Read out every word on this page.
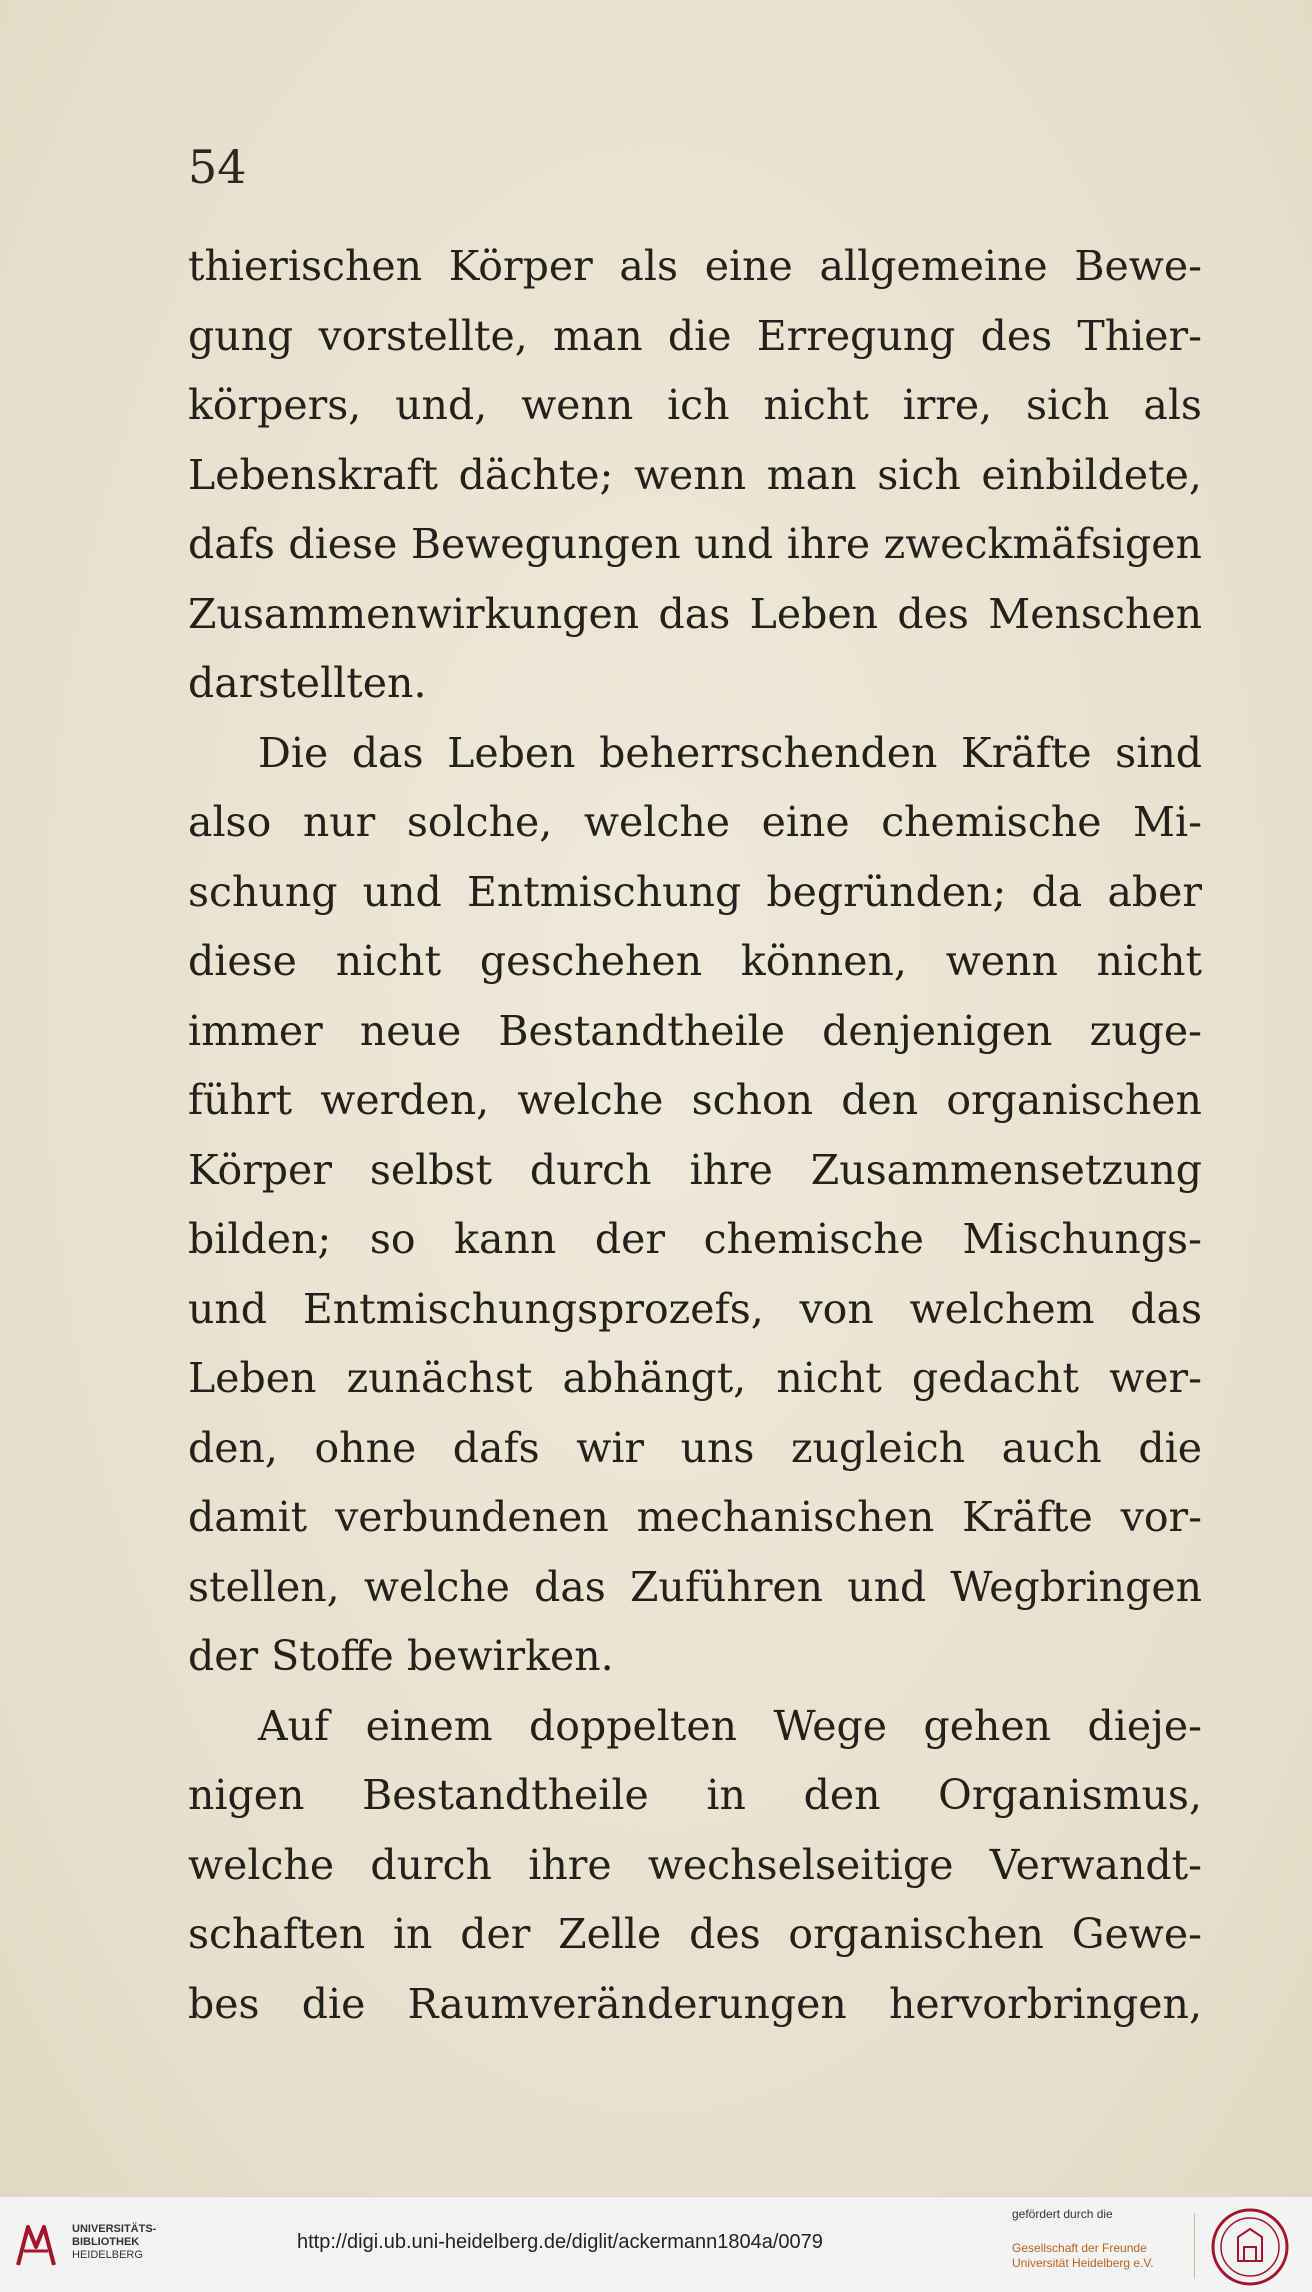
54
thierischen Körper als eine allgemeine Bewe-
gung vorstellte, man die Erregung des Thier-
körpers, und, wenn ich nicht irre, sich als
Lebenskraft dächte; wenn man sich einbildete,
dafs diese Bewegungen und ihre zweckmäfsigen
Zusammenwirkungen das Leben des Menschen
darstellten.
Die das Leben beherrschenden Kräfte sind
also nur solche, welche eine chemische Mi-
schung und Entmischung begründen; da aber
diese nicht geschehen können, wenn nicht
immer neue Bestandtheile denjenigen zuge-
führt werden, welche schon den organischen
Körper selbst durch ihre Zusammensetzung
bilden; so kann der chemische Mischungs-
und Entmischungsprozefs, von welchem das
Leben zunächst abhängt, nicht gedacht wer-
den, ohne dafs wir uns zugleich auch die
damit verbundenen mechanischen Kräfte vor-
stellen, welche das Zuführen und Wegbringen
der Stoffe bewirken.
Auf einem doppelten Wege gehen dieje-
nigen Bestandtheile in den Organismus,
welche durch ihre wechselseitige Verwandt-
schaften in der Zelle des organischen Gewe-
bes die Raumveränderungen hervorbringen,
UNIVERSITÄTS-
BIBLIOTHEK
HEIDELBERG
http://digi.ub.uni-heidelberg.de/diglit/ackermann1804a/0079
gefördert durch die
Gesellschaft der Freunde
Universität Heidelberg e.V.
